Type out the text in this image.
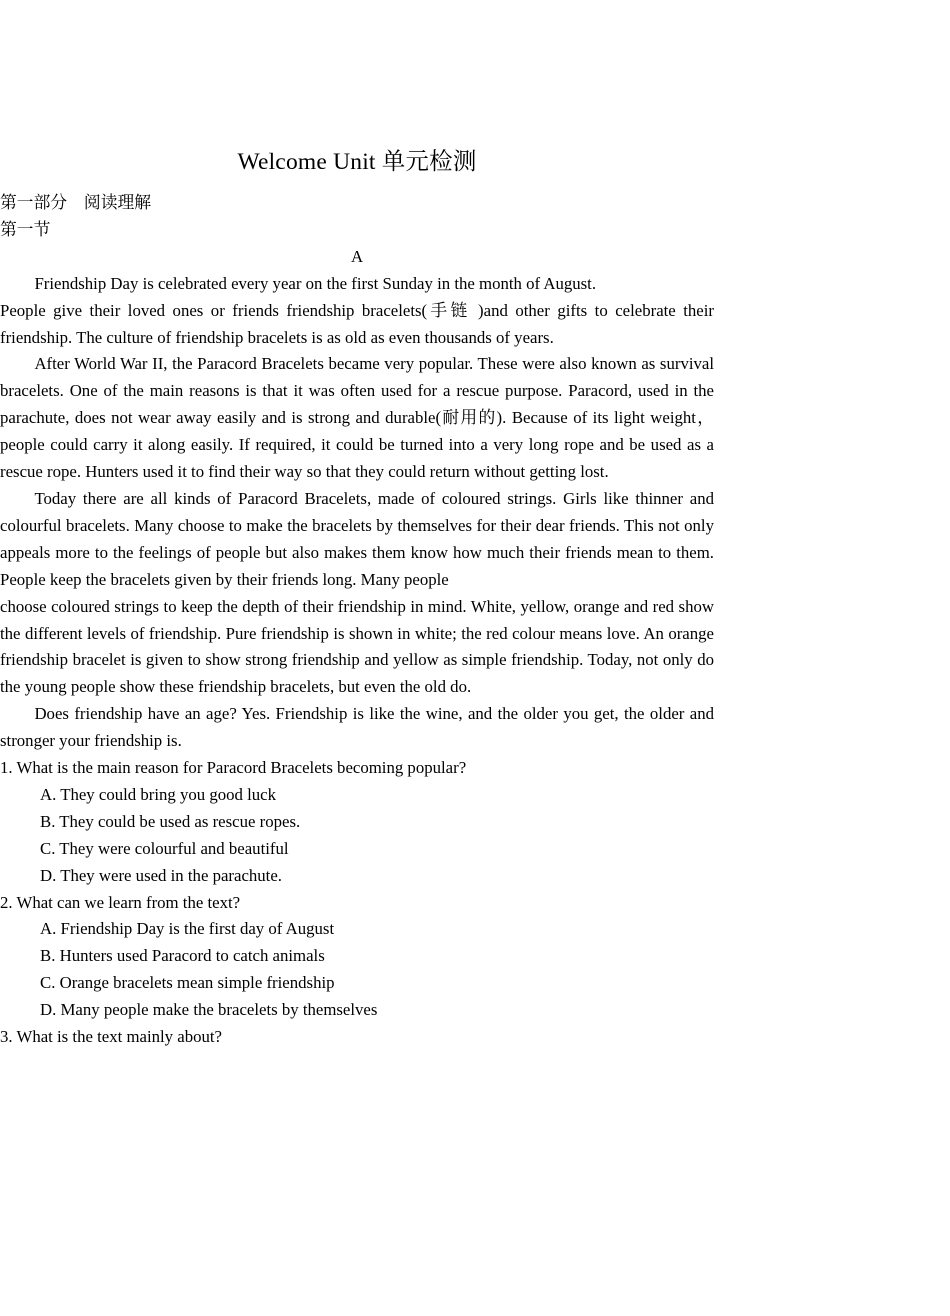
Welcome Unit 单元检测
第一部分　阅读理解
第一节
A

Friendship Day is celebrated every year on the first Sunday in the month of August.

People give their loved ones or friends friendship bracelets(手链 )and other gifts to celebrate their friendship. The culture of friendship bracelets is as old as even thousands of years.

After World War II, the Paracord Bracelets became very popular. These were also known as survival bracelets. One of the main reasons is that it was often used for a rescue purpose. Paracord, used in the parachute, does not wear away easily and is strong and durable(耐用的). Because of its light weight，people could carry it along easily. If required, it could be turned into a very long rope and be used as a rescue rope. Hunters used it to find their way so that they could return without getting lost.

Today there are all kinds of Paracord Bracelets, made of coloured strings. Girls like thinner and colourful bracelets. Many choose to make the bracelets by themselves for their dear friends. This not only appeals more to the feelings of people but also makes them know how much their friends mean to them. People keep the bracelets given by their friends long. Many people

choose coloured strings to keep the depth of their friendship in mind. White, yellow, orange and red show the different levels of friendship. Pure friendship is shown in white; the red colour means love. An orange friendship bracelet is given to show strong friendship and yellow as simple friendship. Today, not only do the young people show these friendship bracelets, but even the old do.

Does friendship have an age? Yes. Friendship is like the wine, and the older you get, the older and stronger your friendship is.

1. What is the main reason for Paracord Bracelets becoming popular?
A. They could bring you good luck
B. They could be used as rescue ropes.
C. They were colourful and beautiful
D. They were used in the parachute.
2. What can we learn from the text?
A. Friendship Day is the first day of August
B. Hunters used Paracord to catch animals
C. Orange bracelets mean simple friendship
D. Many people make the bracelets by themselves
3. What is the text mainly about?
